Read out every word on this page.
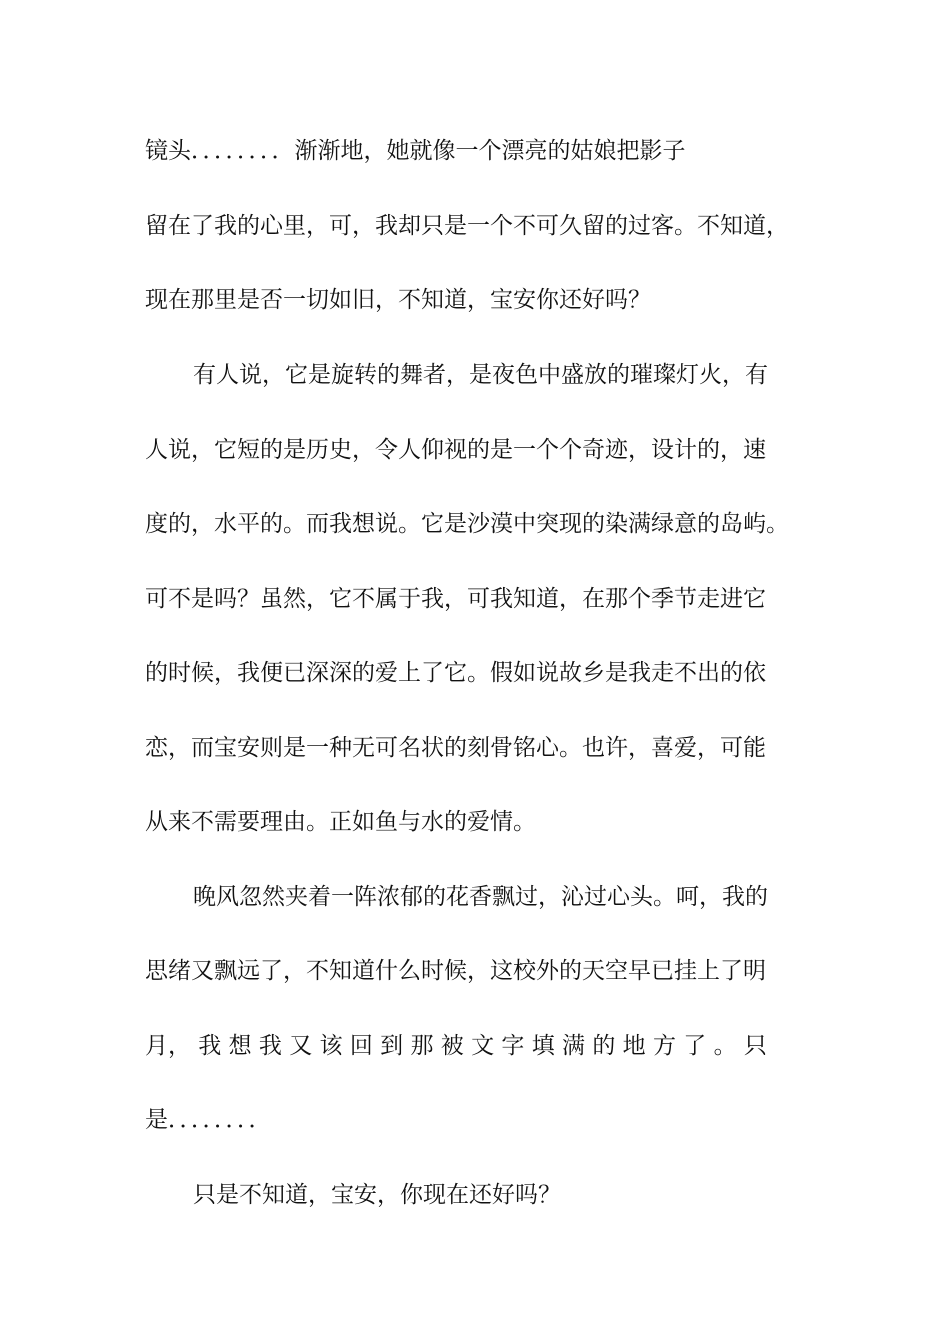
镜头．．．．．．．．渐渐地，她就像一个漂亮的姑娘把影子
留在了我的心里，可，我却只是一个不可久留的过客。不知道，
现在那里是否一切如旧，不知道，宝安你还好吗？
有人说，它是旋转的舞者，是夜色中盛放的璀璨灯火，有
人说，它短的是历史，令人仰视的是一个个奇迹，设计的，速
度的，水平的。而我想说。它是沙漠中突现的染满绿意的岛屿。
可不是吗？虽然，它不属于我，可我知道，在那个季节走进它
的时候，我便已深深的爱上了它。假如说故乡是我走不出的依
恋，而宝安则是一种无可名状的刻骨铭心。也许，喜爱，可能
从来不需要理由。正如鱼与水的爱情。
晚风忽然夹着一阵浓郁的花香飘过，沁过心头。呵，我的
思绪又飘远了，不知道什么时候，这校外的天空早已挂上了明
月， 我 想 我 又 该 回 到 那 被 文 字 填 满 的 地 方 了 。 只
是．．．．．．．．
只是不知道，宝安，你现在还好吗？
